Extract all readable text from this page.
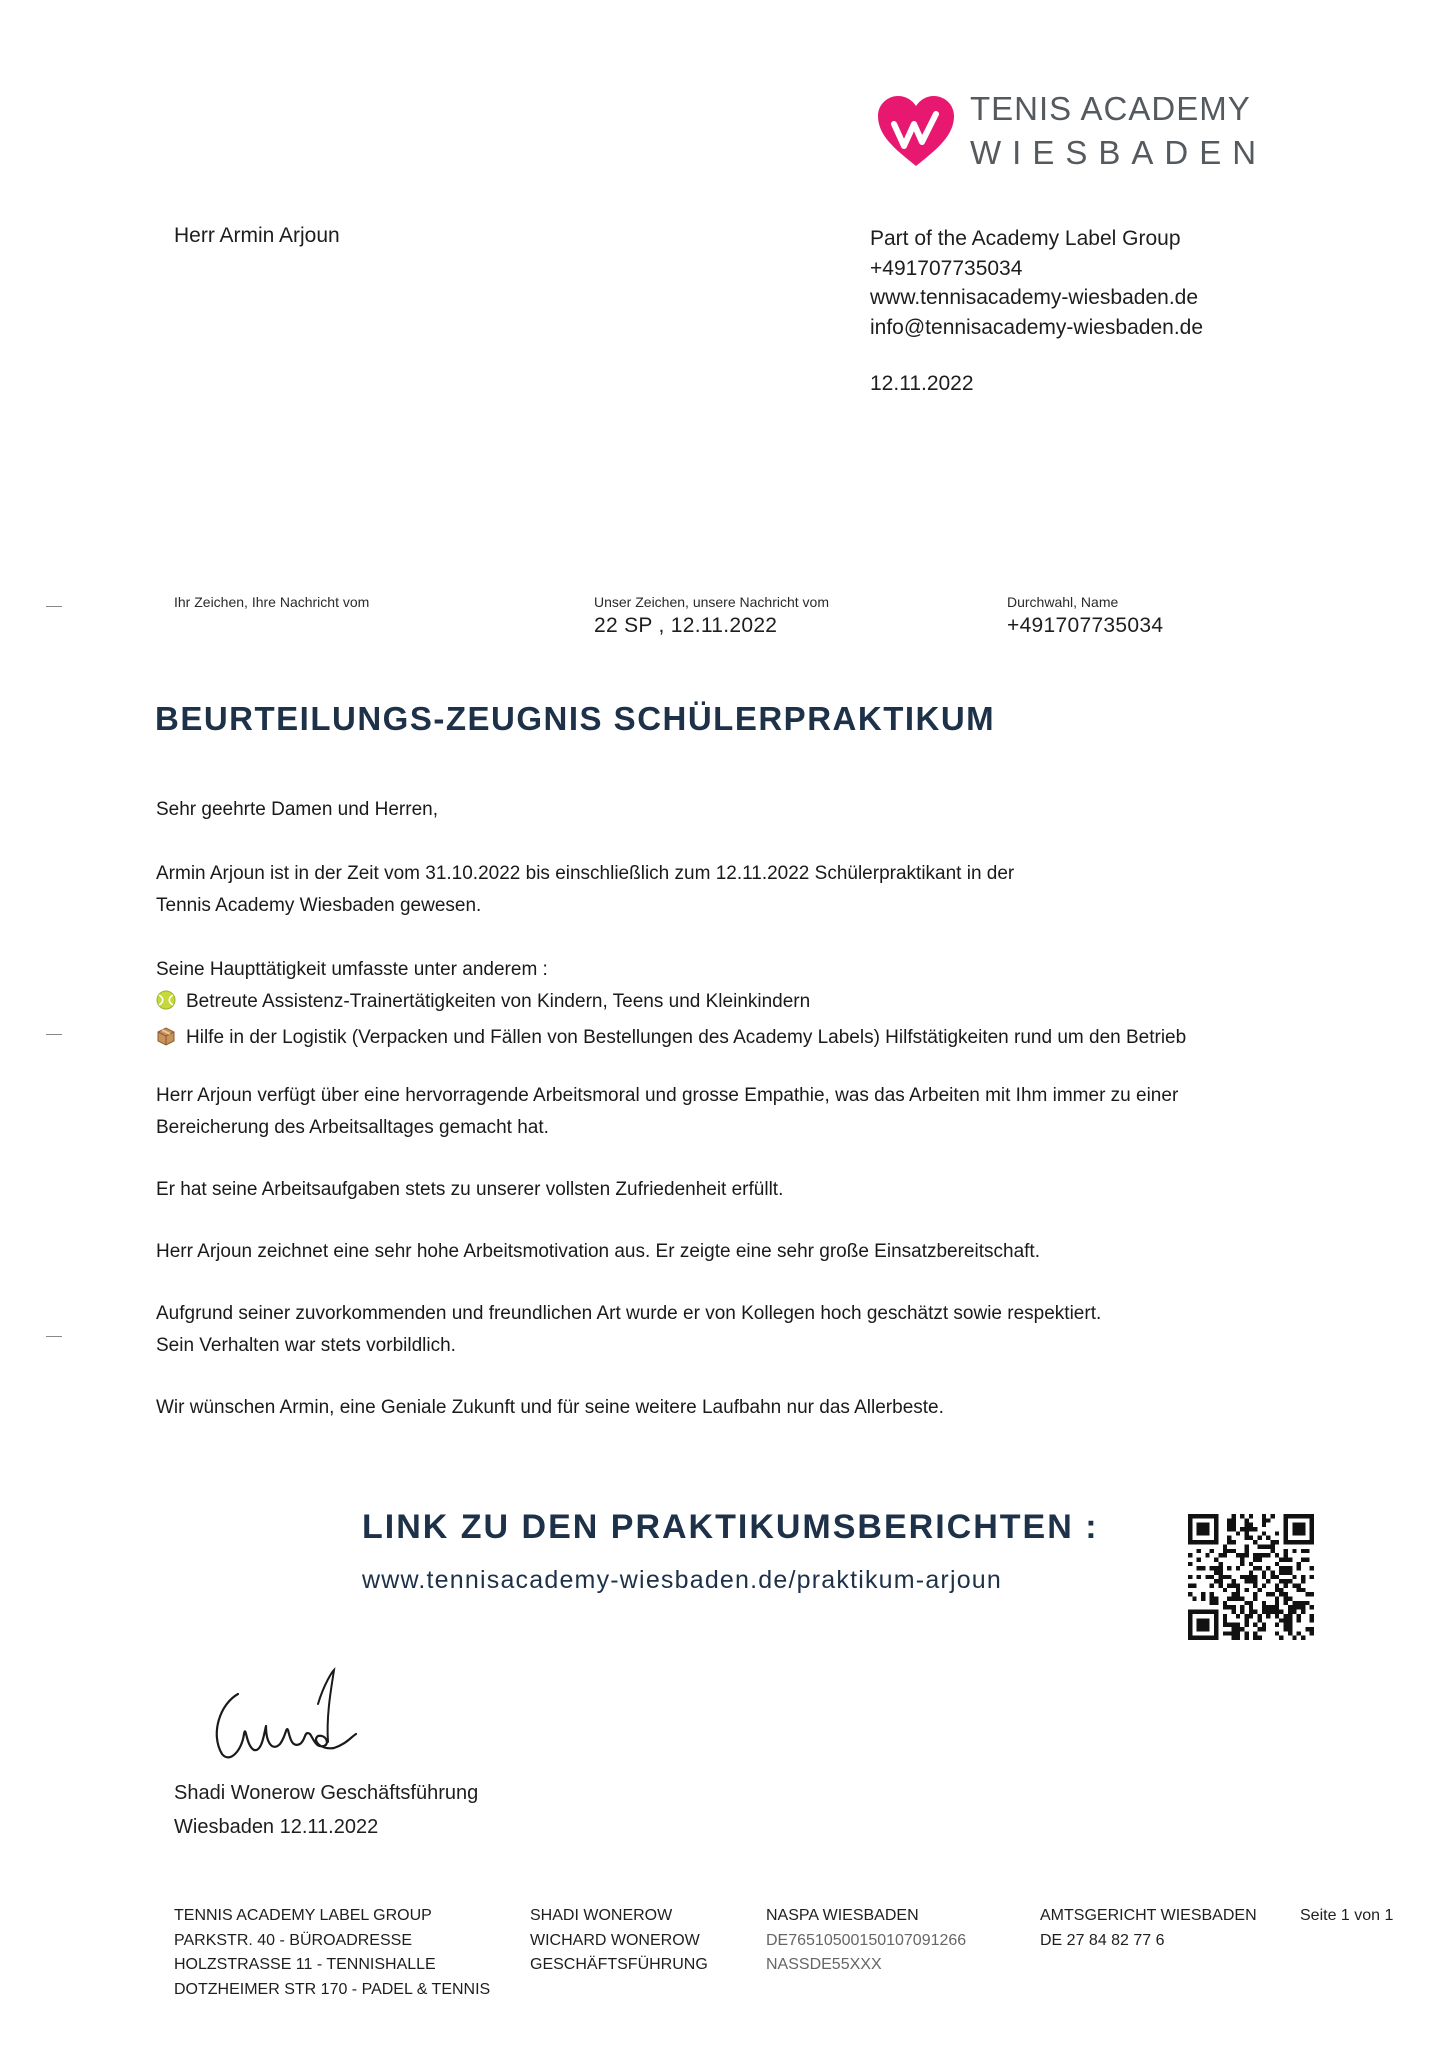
TENIS ACADEMY
WIESBADEN
Herr Armin Arjoun	Part of the Academy Label Group
+491707735034
www.tennisacademy-wiesbaden.de
info@tennisacademy-wiesbaden.de
12.11.2022
Ihr Zeichen, Ihre Nachricht vom	Unser Zeichen, unsere Nachricht vom
22 SP , 12.11.2022
Durchwahl, Name
+491707735034
BEURTEILUNGS-ZEUGNIS SCHÜLERPRAKTIKUM
Sehr geehrte Damen und Herren,
Armin Arjoun ist in der Zeit vom 31.10.2022 bis einschließlich zum 12.11.2022 Schülerpraktikant in der
Tennis Academy Wiesbaden gewesen.
Seine Haupttätigkeit umfasste unter anderem :
Betreute Assistenz-Trainertätigkeiten von Kindern, Teens und Kleinkindern
Hilfe in der Logistik (Verpacken und Fällen von Bestellungen des Academy Labels) Hilfstätigkeiten rund um den Betrieb
Herr Arjoun verfügt über eine hervorragende Arbeitsmoral und grosse Empathie, was das Arbeiten mit Ihm immer zu einer
Bereicherung des Arbeitsalltages gemacht hat.
Er hat seine Arbeitsaufgaben stets zu unserer vollsten Zufriedenheit erfüllt.
Herr Arjoun zeichnet eine sehr hohe Arbeitsmotivation aus. Er zeigte eine sehr große Einsatzbereitschaft.
Aufgrund seiner zuvorkommenden und freundlichen Art wurde er von Kollegen hoch geschätzt sowie respektiert.
Sein Verhalten war stets vorbildlich.
Wir wünschen Armin, eine Geniale Zukunft und für seine weitere Laufbahn nur das Allerbeste.
LINK ZU DEN PRAKTIKUMSBERICHTEN :
www.tennisacademy-wiesbaden.de/praktikum-arjoun
Shadi Wonerow Geschäftsführung
Wiesbaden 12.11.2022
TENNIS ACADEMY LABEL GROUP
PARKSTR. 40 - BÜROADRESSE
HOLZSTRASSE 11 - TENNISHALLE
DOTZHEIMER STR 170 - PADEL & TENNIS
SHADI WONEROW
WICHARD WONEROW
GESCHÄFTSFÜHRUNG
NASPA WIESBADEN
DE76510500150107091266
NASSDE55XXX
AMTSGERICHT WIESBADEN
DE 27 84 82 77 6
Seite 1 von 1
